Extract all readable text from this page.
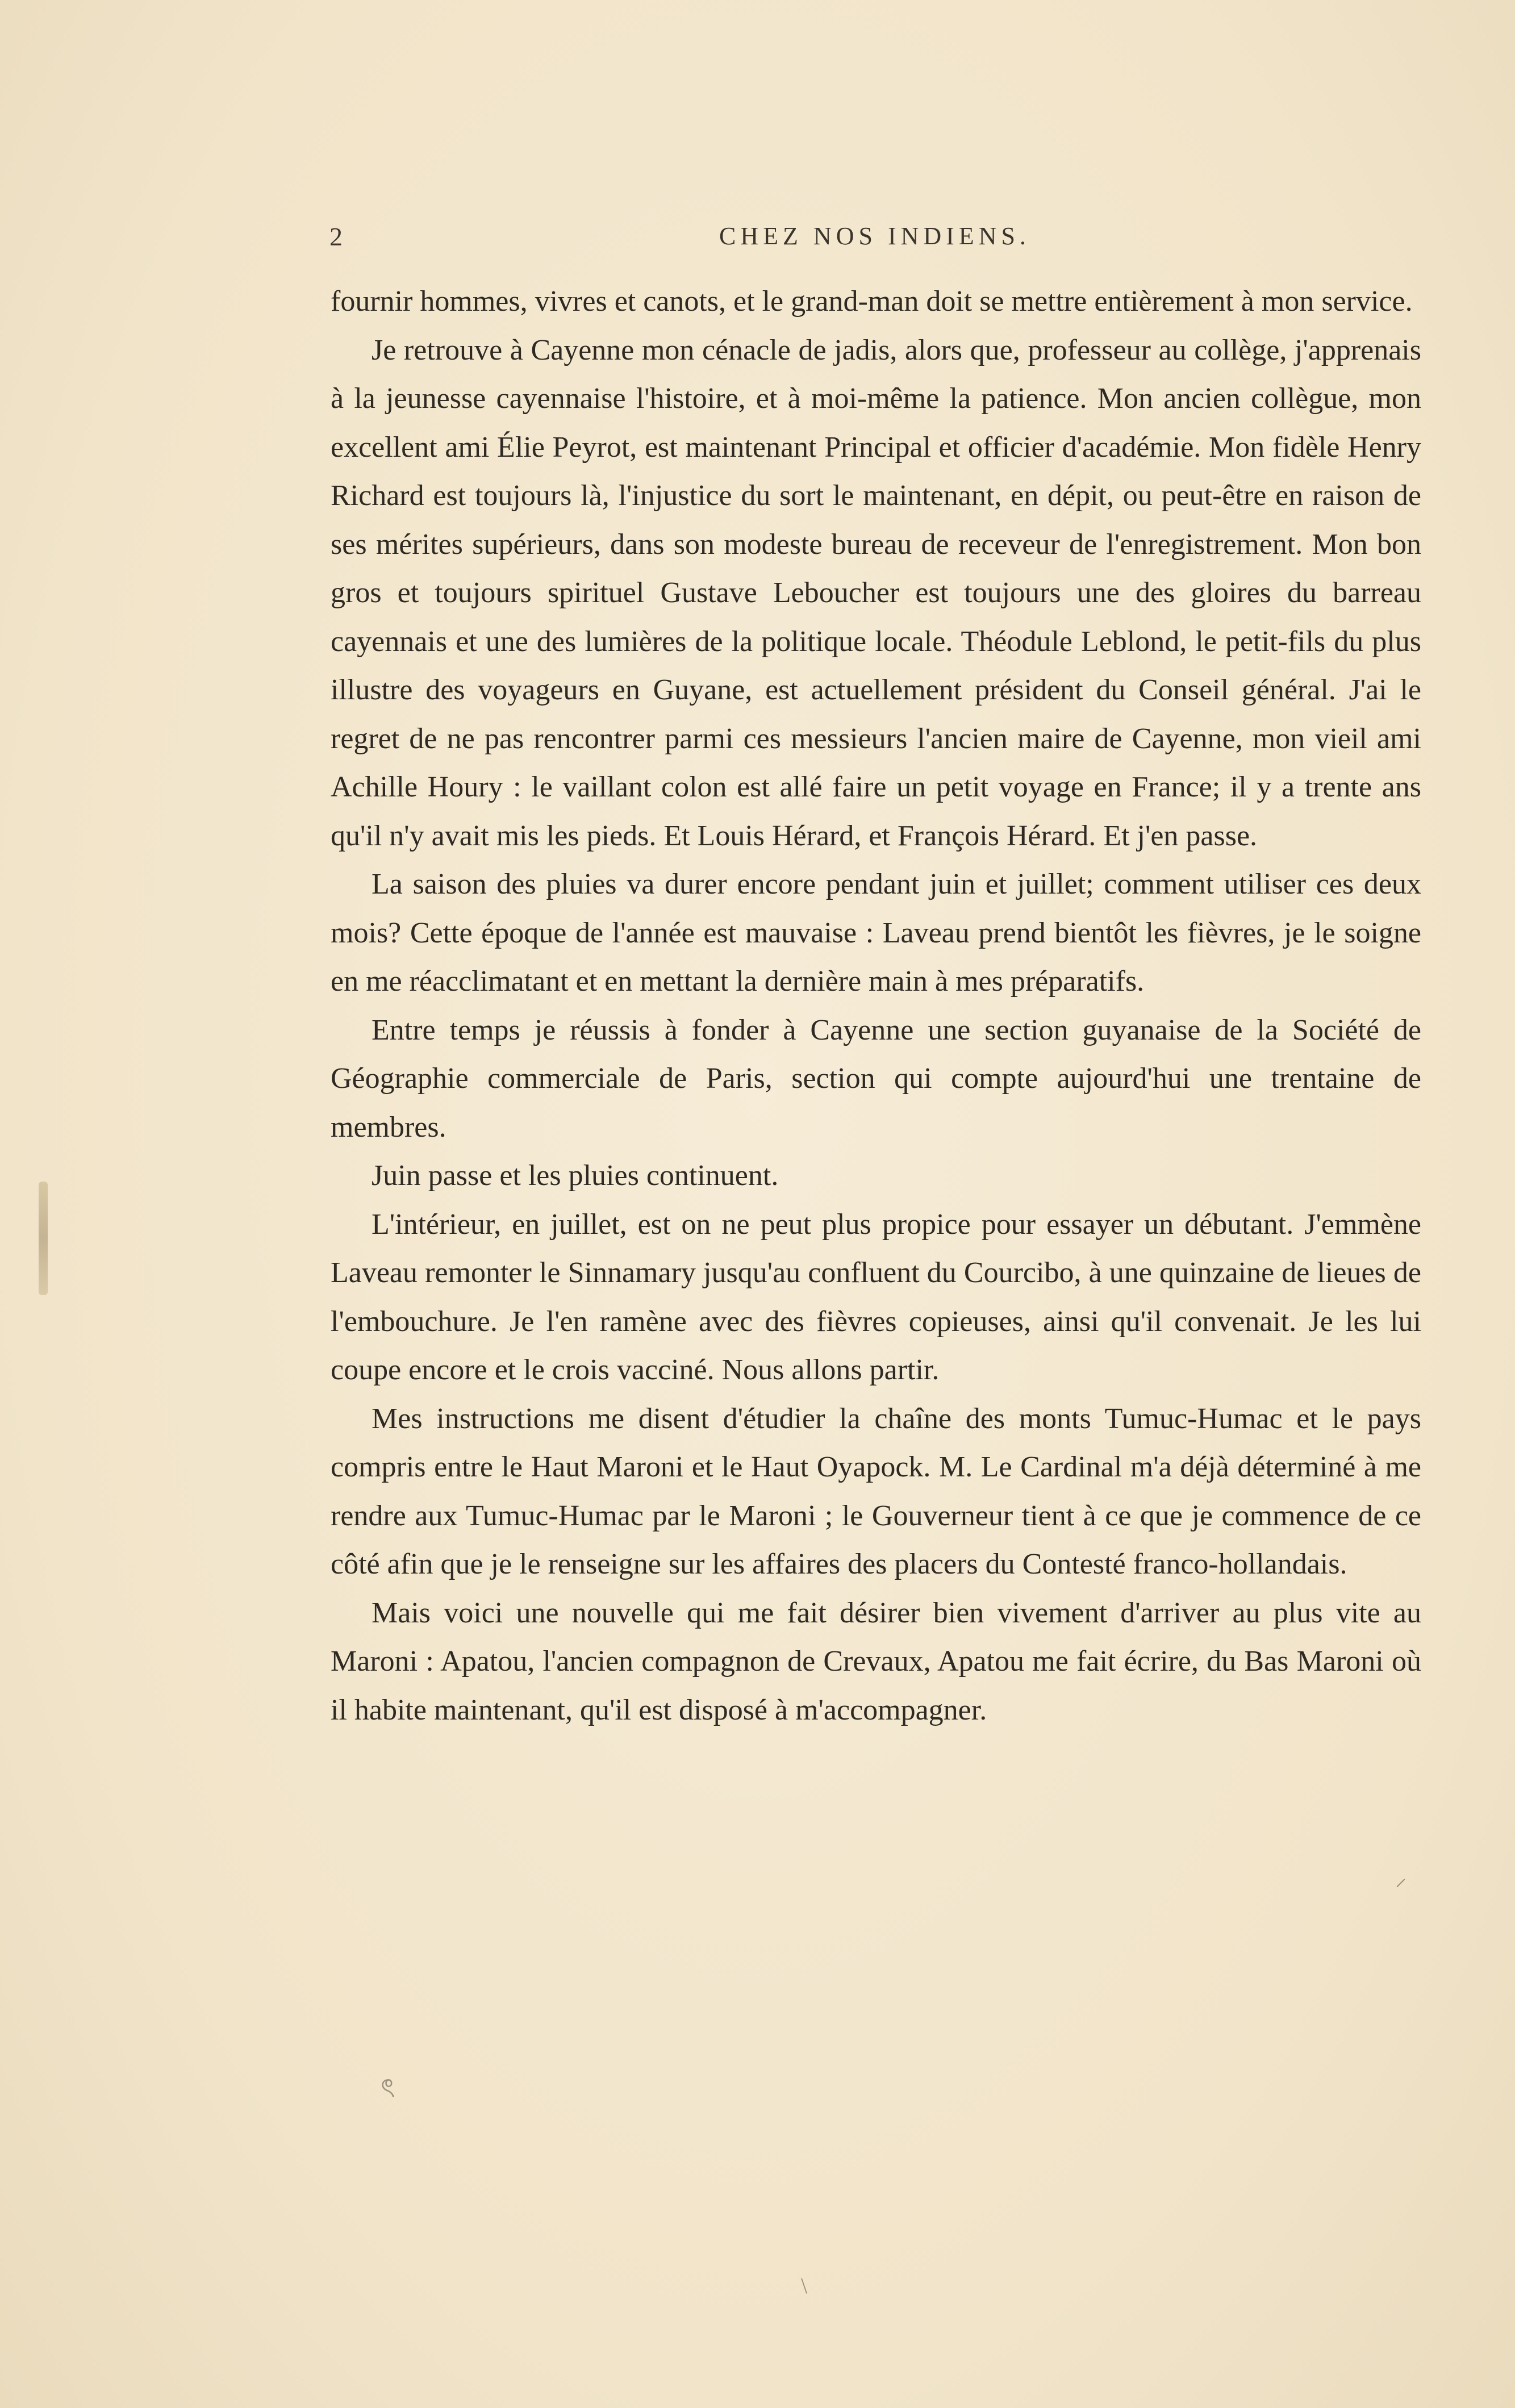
2	CHEZ NOS INDIENS.

fournir hommes, vivres et canots, et le grand-man doit se mettre entièrement à mon service.

Je retrouve à Cayenne mon cénacle de jadis, alors que, professeur au collège, j'apprenais à la jeunesse cayennaise l'histoire, et à moi-même la patience. Mon ancien collègue, mon excellent ami Élie Peyrot, est maintenant Principal et officier d'académie. Mon fidèle Henry Richard est toujours là, l'injustice du sort le maintenant, en dépit, ou peut-être en raison de ses mérites supérieurs, dans son modeste bureau de receveur de l'enregistrement. Mon bon gros et toujours spirituel Gustave Leboucher est toujours une des gloires du barreau cayennais et une des lumières de la politique locale. Théodule Leblond, le petit-fils du plus illustre des voyageurs en Guyane, est actuellement président du Conseil général. J'ai le regret de ne pas rencontrer parmi ces messieurs l'ancien maire de Cayenne, mon vieil ami Achille Houry : le vaillant colon est allé faire un petit voyage en France; il y a trente ans qu'il n'y avait mis les pieds. Et Louis Hérard, et François Hérard. Et j'en passe.

La saison des pluies va durer encore pendant juin et juillet; comment utiliser ces deux mois? Cette époque de l'année est mauvaise : Laveau prend bientôt les fièvres, je le soigne en me réacclimatant et en mettant la dernière main à mes préparatifs.

Entre temps je réussis à fonder à Cayenne une section guyanaise de la Société de Géographie commerciale de Paris, section qui compte aujourd'hui une trentaine de membres.

Juin passe et les pluies continuent.

L'intérieur, en juillet, est on ne peut plus propice pour essayer un débutant. J'emmène Laveau remonter le Sinnamary jusqu'au confluent du Courcibo, à une quinzaine de lieues de l'embouchure. Je l'en ramène avec des fièvres copieuses, ainsi qu'il convenait. Je les lui coupe encore et le crois vacciné. Nous allons partir.

Mes instructions me disent d'étudier la chaîne des monts Tumuc-Humac et le pays compris entre le Haut Maroni et le Haut Oyapock. M. Le Cardinal m'a déjà déterminé à me rendre aux Tumuc-Humac par le Maroni ; le Gouverneur tient à ce que je commence de ce côté afin que je le renseigne sur les affaires des placers du Contesté franco-hollandais.

Mais voici une nouvelle qui me fait désirer bien vivement d'arriver au plus vite au Maroni : Apatou, l'ancien compagnon de Crevaux, Apatou me fait écrire, du Bas Maroni où il habite maintenant, qu'il est disposé à m'accompagner.

ৎ
\
⸝
